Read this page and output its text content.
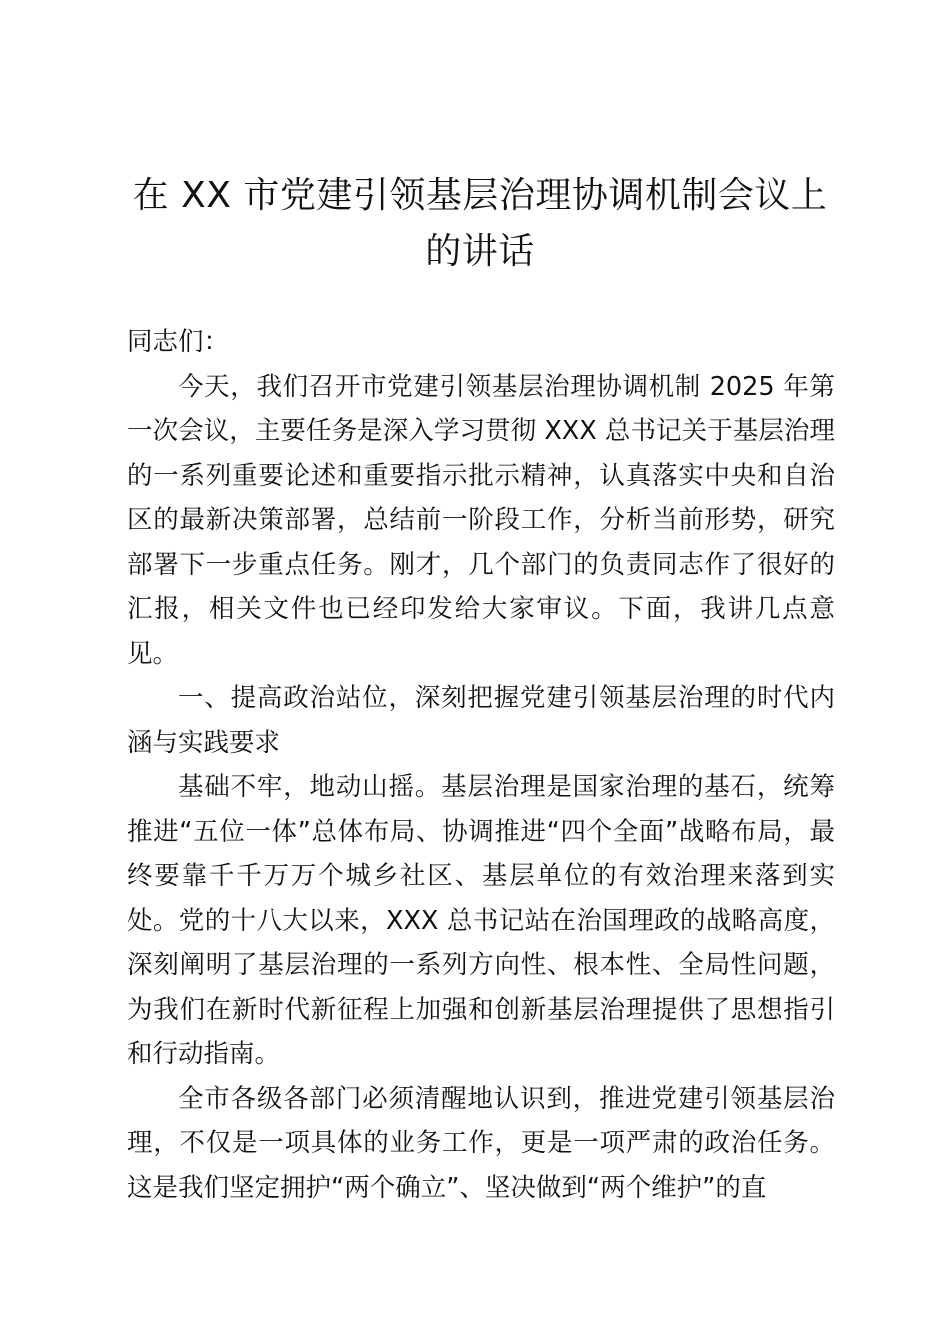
在 XX 市党建引领基层治理协调机制会议上的讲话

同志们：

今天，我们召开市党建引领基层治理协调机制 2025 年第一次会议，主要任务是深入学习贯彻 XXX 总书记关于基层治理的一系列重要论述和重要指示批示精神，认真落实中央和自治区的最新决策部署，总结前一阶段工作，分析当前形势，研究部署下一步重点任务。刚才，几个部门的负责同志作了很好的汇报，相关文件也已经印发给大家审议。下面，我讲几点意见。

一、提高政治站位，深刻把握党建引领基层治理的时代内涵与实践要求

基础不牢，地动山摇。基层治理是国家治理的基石，统筹推进“五位一体”总体布局、协调推进“四个全面”战略布局，最终要靠千千万万个城乡社区、基层单位的有效治理来落到实处。党的十八大以来，XXX 总书记站在治国理政的战略高度，深刻阐明了基层治理的一系列方向性、根本性、全局性问题，为我们在新时代新征程上加强和创新基层治理提供了思想指引和行动指南。

全市各级各部门必须清醒地认识到，推进党建引领基层治理，不仅是一项具体的业务工作，更是一项严肃的政治任务。这是我们坚定拥护“两个确立”、坚决做到“两个维护”的直
